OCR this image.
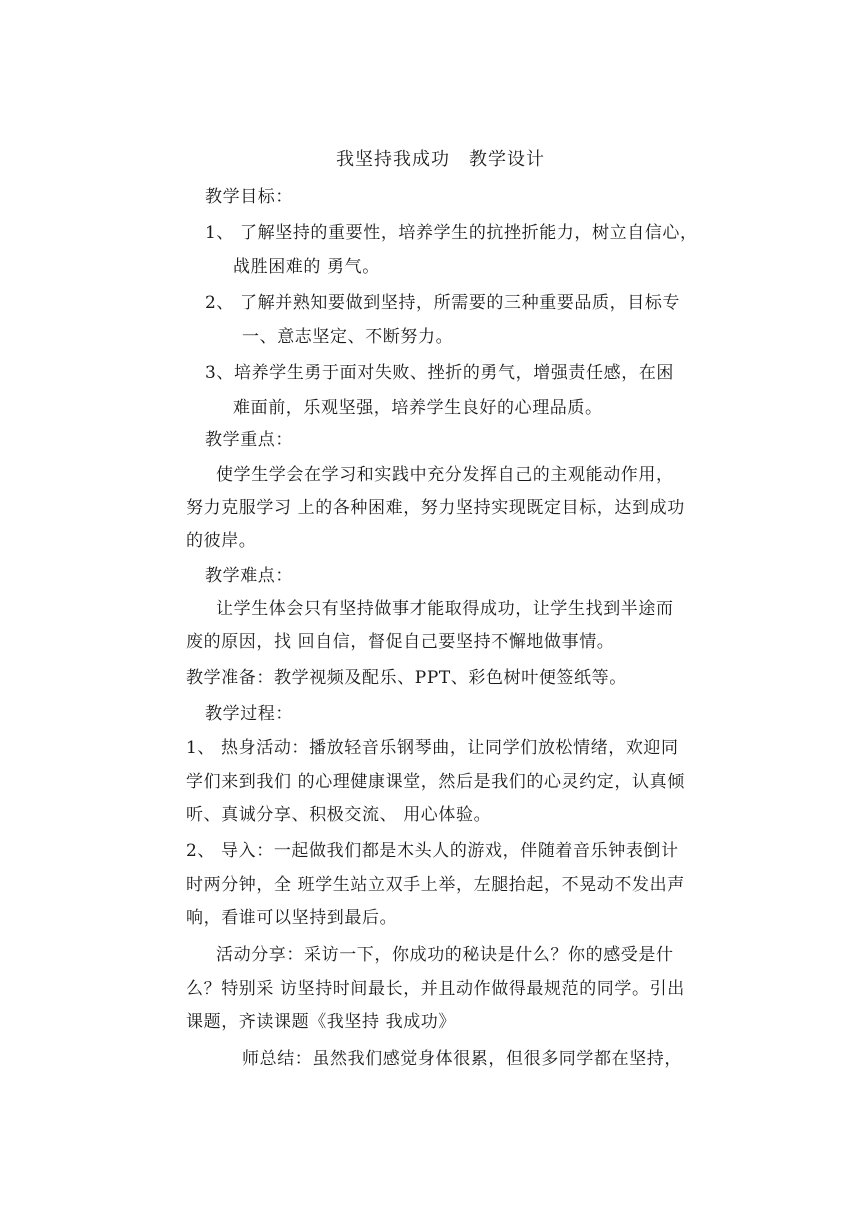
我坚持我成功　教学设计
教学目标：
1、 了解坚持的重要性，培养学生的抗挫折能力，树立自信心，
战胜困难的 勇气。
2、 了解并熟知要做到坚持，所需要的三种重要品质，目标专
一、意志坚定、不断努力。
3、培养学生勇于面对失败、挫折的勇气，增强责任感，在困
难面前，乐观坚强，培养学生良好的心理品质。
教学重点：
使学生学会在学习和实践中充分发挥自己的主观能动作用，
努力克服学习 上的各种困难，努力坚持实现既定目标，达到成功
的彼岸。
教学难点：
让学生体会只有坚持做事才能取得成功，让学生找到半途而
废的原因，找 回自信，督促自己要坚持不懈地做事情。
教学准备：教学视频及配乐、PPT、彩色树叶便签纸等。
教学过程：
1、 热身活动：播放轻音乐钢琴曲，让同学们放松情绪，欢迎同
学们来到我们 的心理健康课堂，然后是我们的心灵约定，认真倾
听、真诚分享、积极交流、 用心体验。
2、 导入：一起做我们都是木头人的游戏，伴随着音乐钟表倒计
时两分钟，全 班学生站立双手上举，左腿抬起，不晃动不发出声
响，看谁可以坚持到最后。
活动分享：采访一下，你成功的秘诀是什么？你的感受是什
么？特别采 访坚持时间最长，并且动作做得最规范的同学。引出
课题，齐读课题《我坚持 我成功》
师总结：虽然我们感觉身体很累，但很多同学都在坚持，
